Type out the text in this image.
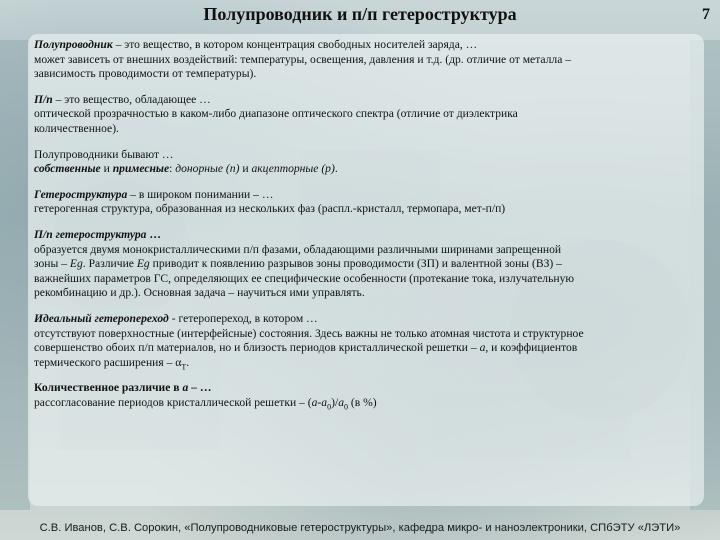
Полупроводник и п/п гетероструктура	7

Полупроводник – это вещество, в котором концентрация свободных носителей заряда, …
может зависеть от внешних воздействий: температуры, освещения, давления и т.д. (др. отличие от металла –
зависимость проводимости от температуры).

П/п – это вещество, обладающее …
оптической прозрачностью в каком-либо диапазоне оптического спектра (отличие от диэлектрика
количественное).

Полупроводники бывают …
собственные и примесные: донорные (n) и акцепторные (p).

Гетероструктура – в широком понимании – …
гетерогенная структура, образованная из нескольких фаз (распл.-кристалл, термопара, мет-п/п)

П/п гетероструктура …
образуется двумя монокристаллическими п/п фазами, обладающими различными ширинами запрещенной
зоны – Eg. Различие Eg приводит к появлению разрывов зоны проводимости (ЗП) и валентной зоны (ВЗ) –
важнейших параметров ГС, определяющих ее специфические особенности (протекание тока, излучательную
рекомбинацию и др.). Основная задача – научиться ими управлять.

Идеальный гетеропереход - гетеропереход, в котором …
отсутствуют поверхностные (интерфейсные) состояния. Здесь важны не только атомная чистота и структурное
совершенство обоих п/п материалов, но и близость периодов кристаллической решетки – a, и коэффициентов
термического расширения – $\alpha_T$.

Количественное различие в a – …
рассогласование периодов кристаллической решетки – $(a-a_0)/a_0$ (в %)

С.В. Иванов, С.В. Сорокин, «Полупроводниковые гетероструктуры», кафедра микро- и наноэлектроники, СПбЭТУ «ЛЭТИ»
